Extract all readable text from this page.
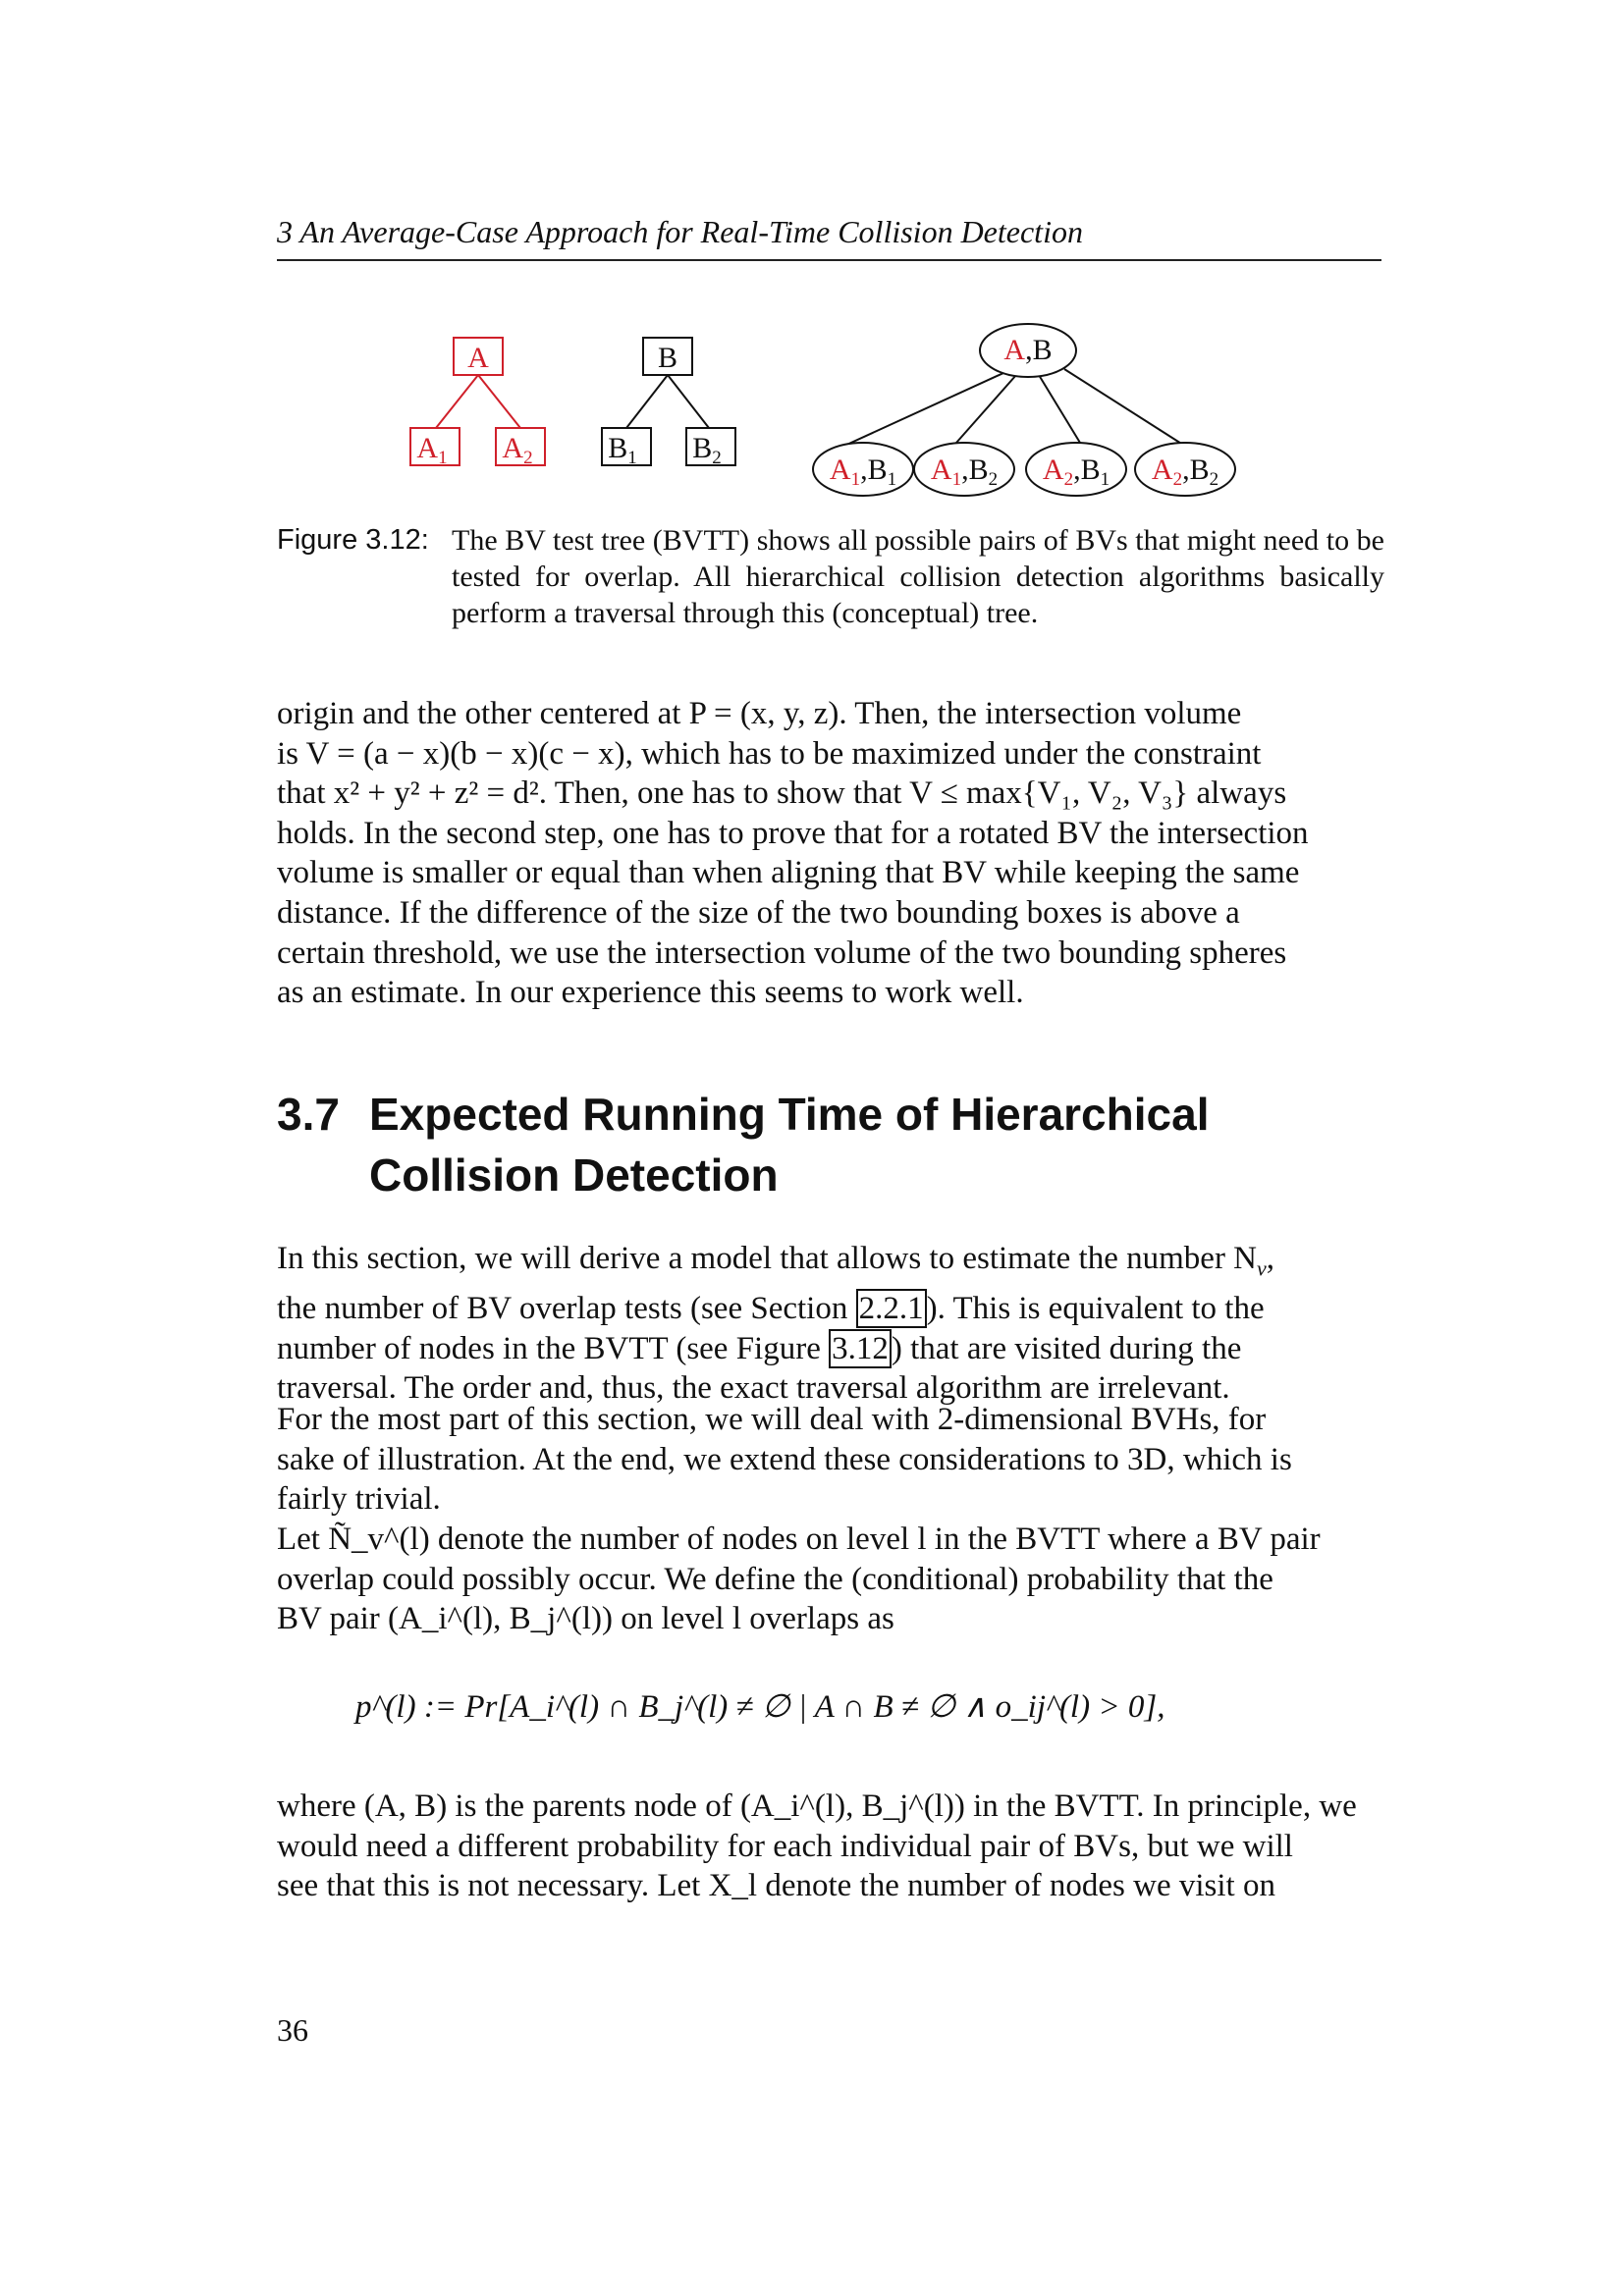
3 An Average-Case Approach for Real-Time Collision Detection
A
$A_1$ $A_2$
B
$B_1$ $B_2$
A,B
$A_1,B_1$ $A_1,B_2$ $A_2,B_1$ $A_2,B_2$
Figure 3.12: The BV test tree (BVTT) shows all possible pairs of BVs that might need to be tested for overlap. All hierarchical collision detection algorithms basically perform a traversal through this (conceptual) tree.
origin and the other centered at P = (x, y, z). Then, the intersection volume
is V = (a − x)(b − x)(c − x), which has to be maximized under the constraint
that x² + y² + z² = d². Then, one has to show that V ≤ max{V₁, V₂, V₃} always
holds. In the second step, one has to prove that for a rotated BV the intersection
volume is smaller or equal than when aligning that BV while keeping the same
distance. If the difference of the size of the two bounding boxes is above a
certain threshold, we use the intersection volume of the two bounding spheres
as an estimate. In our experience this seems to work well.
3.7 Expected Running Time of Hierarchical
Collision Detection
In this section, we will derive a model that allows to estimate the number $N_v$,
the number of BV overlap tests (see Section 2.2.1). This is equivalent to the
number of nodes in the BVTT (see Figure 3.12) that are visited during the
traversal. The order and, thus, the exact traversal algorithm are irrelevant.
For the most part of this section, we will deal with 2-dimensional BVHs, for
sake of illustration. At the end, we extend these considerations to 3D, which is
fairly trivial.
Let Ñ_v^(l) denote the number of nodes on level l in the BVTT where a BV pair
overlap could possibly occur. We define the (conditional) probability that the
BV pair (A_i^(l), B_j^(l)) on level l overlaps as
p^(l) := Pr[A_i^(l) ∩ B_j^(l) ≠ ∅ | A ∩ B ≠ ∅ ∧ o_ij^(l) > 0],
where (A, B) is the parents node of (A_i^(l), B_j^(l)) in the BVTT. In principle, we
would need a different probability for each individual pair of BVs, but we will
see that this is not necessary. Let X_l denote the number of nodes we visit on
36
